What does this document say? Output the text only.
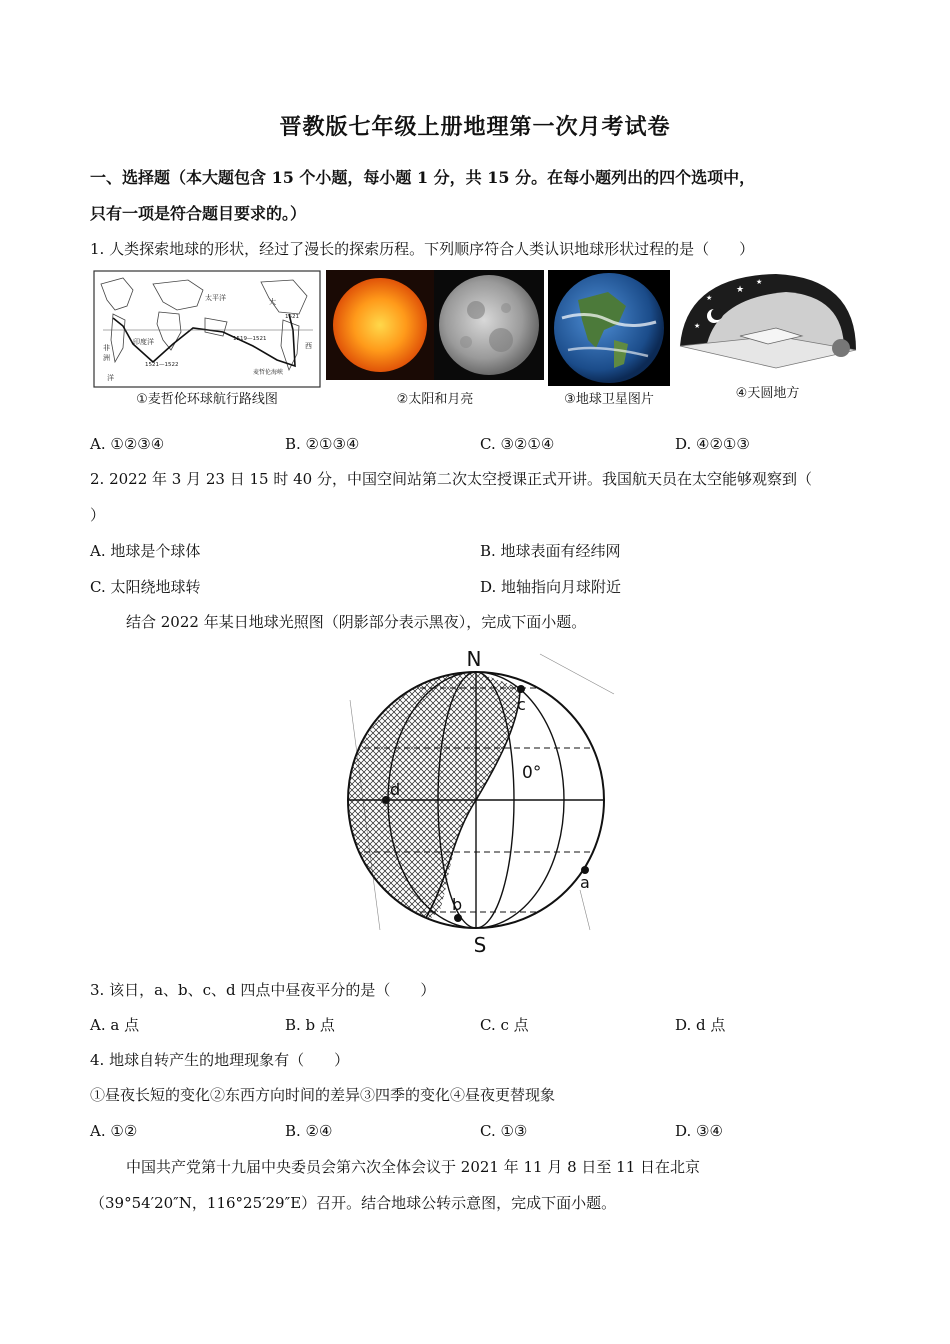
晋教版七年级上册地理第一次月考试卷
一、选择题（本大题包含 15 个小题，每小题 1 分，共 15 分。在每小题列出的四个选项中，
只有一项是符合题目要求的。）
1. 人类探索地球的形状，经过了漫长的探索历程。下列顺序符合人类认识地球形状过程的是（　　）
太平洋	大
印度洋	西
洋
麦哲伦海峡
非
洲
1519—1521
1521—1522
1521
①麦哲伦环球航行路线图	②太阳和月亮	③地球卫星图片
★
★
★
★
④天圆地方
A. ①②③④	B. ②①③④	C. ③②①④	D. ④②①③
2. 2022 年 3 月 23 日 15 时 40 分，中国空间站第二次太空授课正式开讲。我国航天员在太空能够观察到（
）
A. 地球是个球体	B. 地球表面有经纬网
C. 太阳绕地球转	D. 地轴指向月球附近
结合 2022 年某日地球光照图（阴影部分表示黑夜），完成下面小题。
N
S
0°
a
b
c
d
3. 该日，a、b、c、d 四点中昼夜平分的是（　　）
A. a 点	B. b 点	C. c 点	D. d 点
4. 地球自转产生的地理现象有（　　）
①昼夜长短的变化②东西方向时间的差异③四季的变化④昼夜更替现象
A. ①②	B. ②④	C. ①③	D. ③④
中国共产党第十九届中央委员会第六次全体会议于 2021 年 11 月 8 日至 11 日在北京
（39°54′20″N，116°25′29″E）召开。结合地球公转示意图，完成下面小题。
